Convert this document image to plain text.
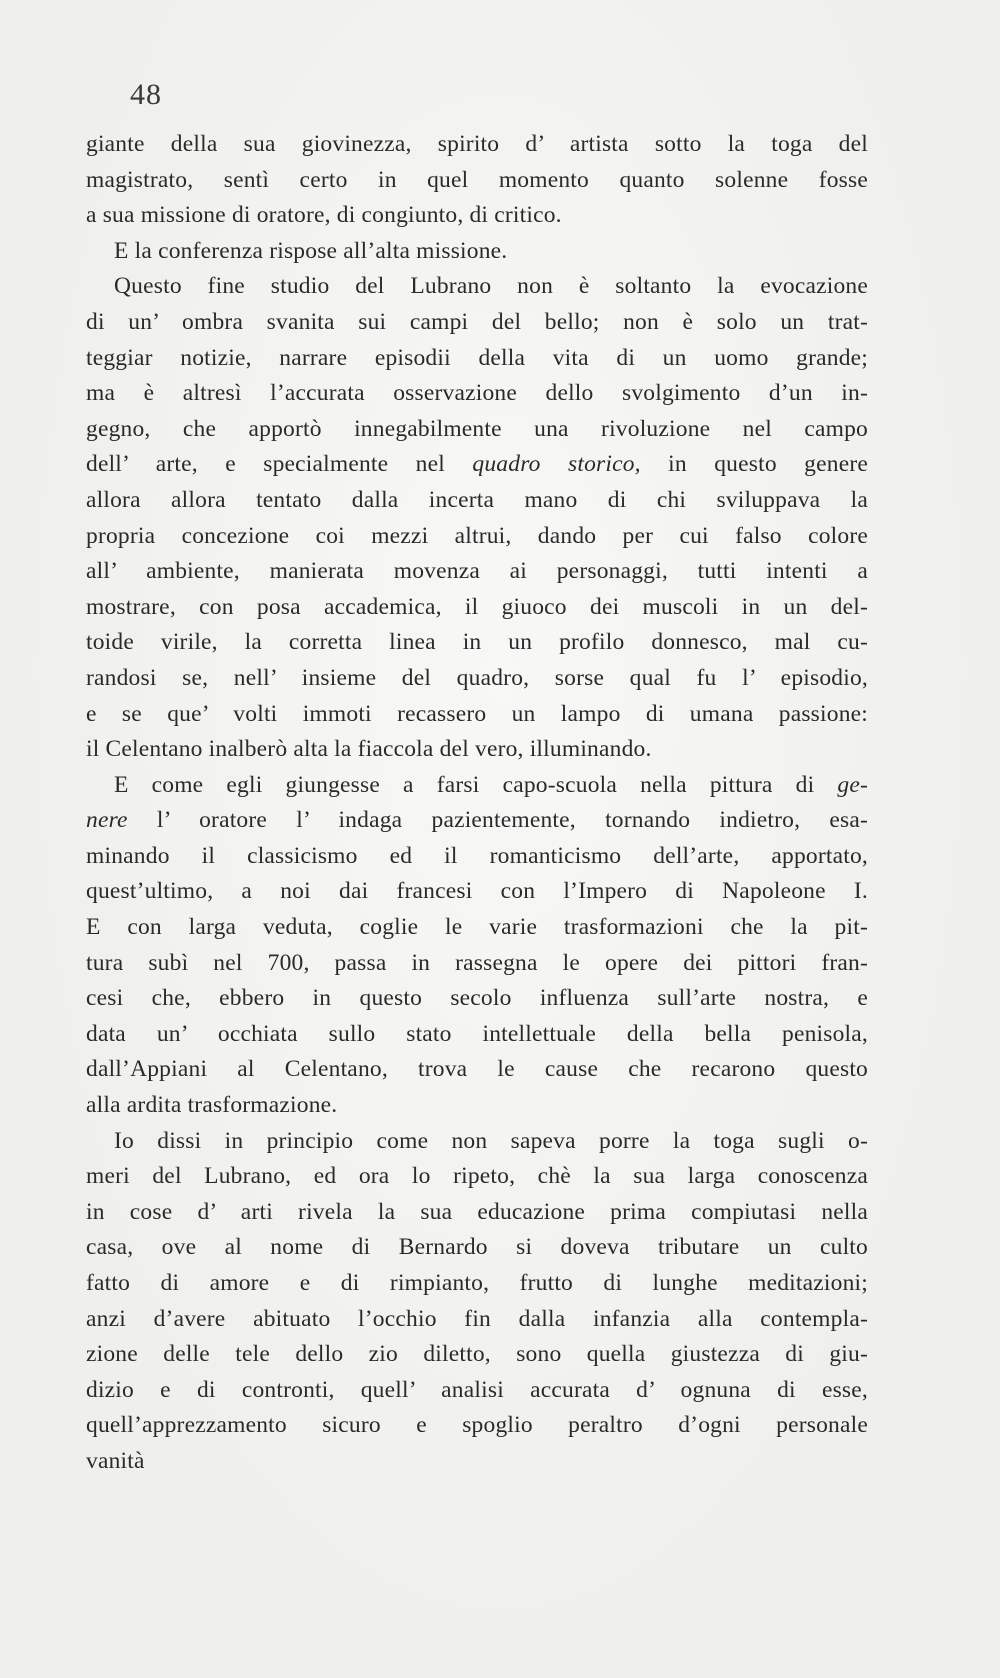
48
giante della sua giovinezza, spirito d’ artista sotto la toga del
magistrato, sentì certo in quel momento quanto solenne fosse
a sua missione di oratore, di congiunto, di critico.
E la conferenza rispose all’alta missione.
Questo fine studio del Lubrano non è soltanto la evocazione
di un’ ombra svanita sui campi del bello; non è solo un trat-
teggiar notizie, narrare episodii della vita di un uomo grande;
ma è altresì l’accurata osservazione dello svolgimento d’un in-
gegno, che apportò innegabilmente una rivoluzione nel campo
dell’ arte, e specialmente nel quadro storico, in questo genere
allora allora tentato dalla incerta mano di chi sviluppava la
propria concezione coi mezzi altrui, dando per cui falso colore
all’ ambiente, manierata movenza ai personaggi, tutti intenti a
mostrare, con posa accademica, il giuoco dei muscoli in un del-
toide virile, la corretta linea in un profilo donnesco, mal cu-
randosi se, nell’ insieme del quadro, sorse qual fu l’ episodio,
e se que’ volti immoti recassero un lampo di umana passione:
il Celentano inalberò alta la fiaccola del vero, illuminando.
E come egli giungesse a farsi capo-scuola nella pittura di ge-
nere l’ oratore l’ indaga pazientemente, tornando indietro, esa-
minando il classicismo ed il romanticismo dell’arte, apportato,
quest’ultimo, a noi dai francesi con l’Impero di Napoleone I.
E con larga veduta, coglie le varie trasformazioni che la pit-
tura subì nel 700, passa in rassegna le opere dei pittori fran-
cesi che, ebbero in questo secolo influenza sull’arte nostra, e
data un’ occhiata sullo stato intellettuale della bella penisola,
dall’Appiani al Celentano, trova le cause che recarono questo
alla ardita trasformazione.
Io dissi in principio come non sapeva porre la toga sugli o-
meri del Lubrano, ed ora lo ripeto, chè la sua larga conoscenza
in cose d’ arti rivela la sua educazione prima compiutasi nella
casa, ove al nome di Bernardo si doveva tributare un culto
fatto di amore e di rimpianto, frutto di lunghe meditazioni;
anzi d’avere abituato l’occhio fin dalla infanzia alla contempla-
zione delle tele dello zio diletto, sono quella giustezza di giu-
dizio e di contronti, quell’ analisi accurata d’ ognuna di esse,
quell’apprezzamento sicuro e spoglio peraltro d’ogni personale
vanità
